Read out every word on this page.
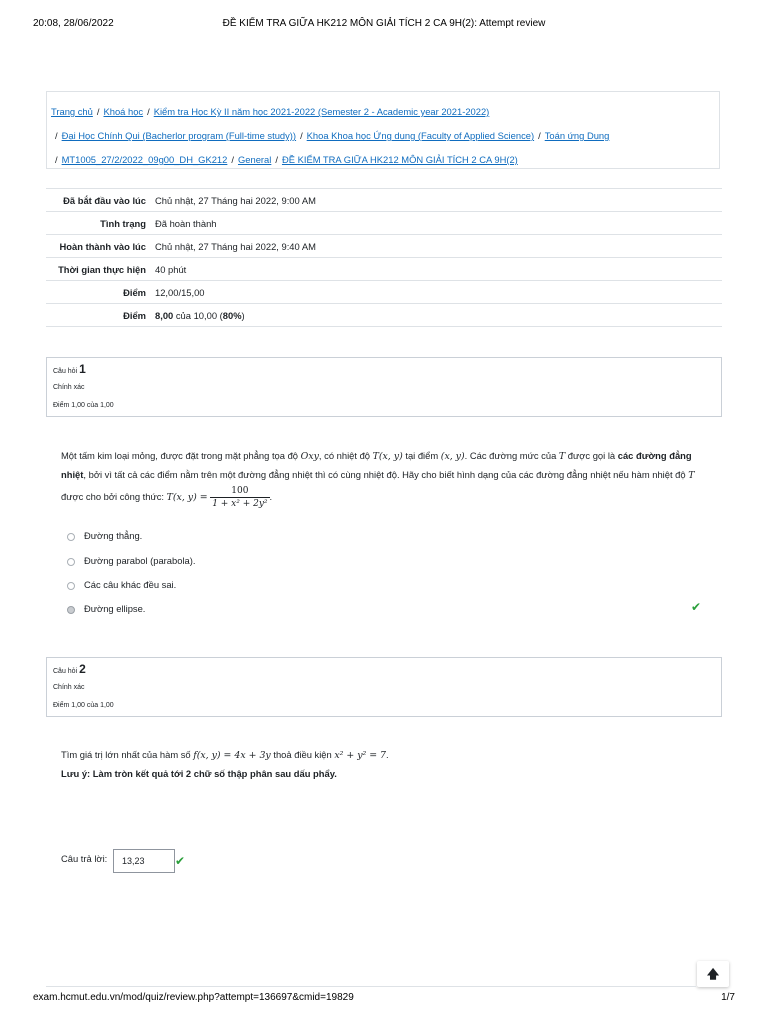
20:08, 28/06/2022	ĐỀ KIỂM TRA GIỮA HK212 MÔN GIẢI TÍCH 2 CA 9H(2): Attempt review
Trang chủ / Khoá học / Kiểm tra Học Kỳ II năm học 2021-2022 (Semester 2 - Academic year 2021-2022)
/ Đại Học Chính Qui (Bacherlor program (Full-time study)) / Khoa Khoa học Ứng dụng (Faculty of Applied Science) / Toán ứng Dụng
/ MT1005_27/2/2022_09g00_DH_GK212 / General / ĐỀ KIỂM TRA GIỮA HK212 MÔN GIẢI TÍCH 2 CA 9H(2)
Đã bắt đầu vào lúc	Chủ nhật, 27 Tháng hai 2022, 9:00 AM
Tình trạng	Đã hoàn thành
Hoàn thành vào lúc	Chủ nhật, 27 Tháng hai 2022, 9:40 AM
Thời gian thực hiện	40 phút
Điểm	12,00/15,00
Điểm	8,00 của 10,00 (80%)
Câu hỏi 1
Chính xác
Điểm 1,00 của 1,00
Một tấm kim loại mỏng, được đặt trong mặt phẳng tọa độ Oxy, có nhiệt độ T(x, y) tại điểm (x, y). Các đường mức của T được gọi là các đường đẳng nhiệt, bởi vì tất cả các điểm nằm trên một đường đẳng nhiệt thì có cùng nhiệt độ. Hãy cho biết hình dạng của các đường đẳng nhiệt nếu hàm nhiệt độ T được cho bởi công thức: T(x, $y) = \frac{100}{\text{1 + x² + 2y²}}$ .
Đường thẳng.
Đường parabol (parabola).
Các câu khác đều sai.
Đường ellipse.	✔
Câu hỏi 2
Chính xác
Điểm 1,00 của 1,00
Tìm giá trị lớn nhất của hàm số f(x, y) = 4x + 3y thoả điều kiện x² + y² = 7.
Lưu ý: Làm tròn kết quả tới 2 chữ số thập phân sau dấu phẩy.
Câu trả lời:	13,23	✔
🡅
exam.hcmut.edu.vn/mod/quiz/review.php?attempt=136697&cmid=19829	1/7
